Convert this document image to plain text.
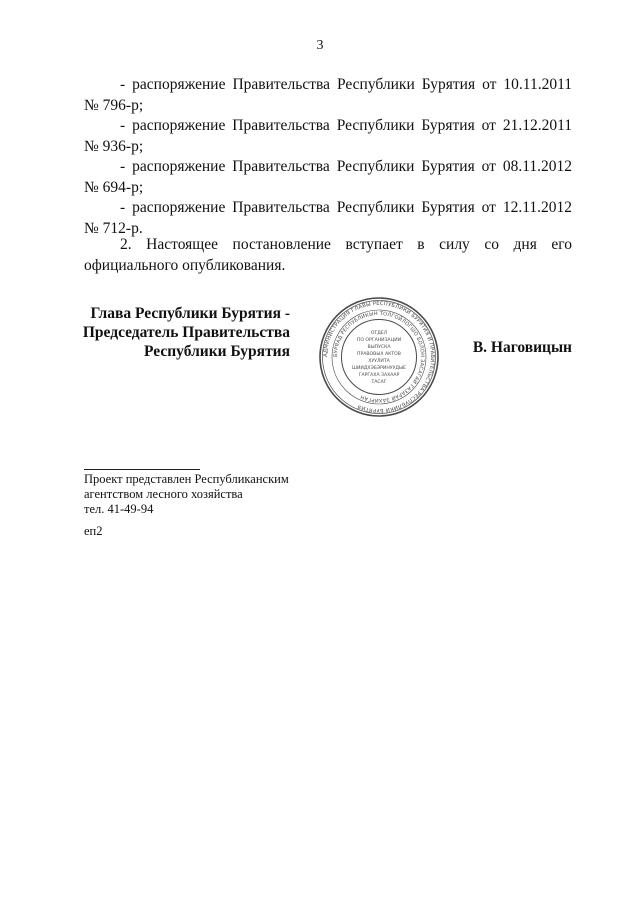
3

- распоряжение Правительства Республики Бурятия от 10.11.2011
№ 796-р;

- распоряжение Правительства Республики Бурятия от 21.12.2011
№ 936-р;

- распоряжение Правительства Республики Бурятия от 08.11.2012
№ 694-р;

- распоряжение Правительства Республики Бурятия от 12.11.2012
№ 712-р.

2. Настоящее постановление вступает в силу со дня его официального опубликования.

Глава Республики Бурятия -
Председатель Правительства
Республики Бурятия	АДМИНИСТРАЦИЯ ГЛАВЫ РЕСПУБЛИКИ БУРЯТИЯ И ПРАВИТЕЛЬСТВА РЕСПУБЛИКИ БУРЯТИЯ
БУРЯАД РЕСПУБЛИКЫН ТОЛГОЙЛОГШО БОЛОН ЗАСАГАЙ ГАЗАРАЙ ЗАХИРГАН
ОТДЕЛ
ПО ОРГАНИЗАЦИИ
ВЫПУСКА
ПРАВОВЫХ АКТОВ
ХУУЛИТА
ШИИДХЭБЭРИНУУДЫЕ
ГАРГАХА ЗАХААР
ТАСАГ
В. Наговицын
Проект представлен Республиканским
агентством лесного хозяйства
тел. 41-49-94
еп2
